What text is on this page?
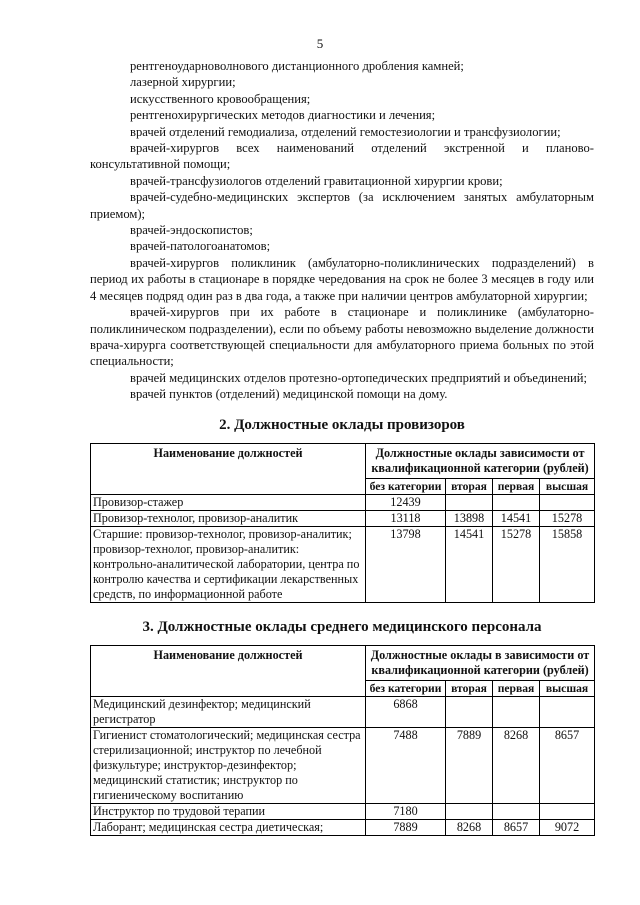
5

рентгеноударноволнового дистанционного дробления камней;

лазерной хирургии;

искусственного кровообращения;

рентгенохирургических методов диагностики и лечения;

врачей отделений гемодиализа, отделений гемостезиологии и трансфузиологии;

врачей-хирургов всех наименований отделений экстренной и планово-консультативной помощи;

врачей-трансфузиологов отделений гравитационной хирургии крови;

врачей-судебно-медицинских экспертов (за исключением занятых амбулаторным приемом);

врачей-эндоскопистов;

врачей-патологоанатомов;

врачей-хирургов поликлиник (амбулаторно-поликлинических подразделений) в период их работы в стационаре в порядке чередования на срок не более 3 месяцев в году или 4 месяцев подряд один раз в два года, а также при наличии центров амбулаторной хирургии;

врачей-хирургов при их работе в стационаре и поликлинике (амбулаторно-поликлиническом подразделении), если по объему работы невозможно выделение должности врача-хирурга соответствующей специальности для амбулаторного приема больных по этой специальности;

врачей медицинских отделов протезно-ортопедических предприятий и объединений;

врачей пунктов (отделений) медицинской помощи на дому.

2. Должностные оклады провизоров
Наименование должностей	Должностные оклады зависимости от квалификационной категории (рублей)			
	без категории	вторая	первая	высшая
Провизор-стажер	12439			
Провизор-технолог, провизор-аналитик	13118	13898	14541	15278
Старшие: провизор-технолог, провизор-аналитик; провизор-технолог, провизор-аналитик: контрольно-аналитической лаборатории, центра по контролю качества и сертификации лекарственных средств, по информационной работе	13798	14541	15278	15858
3. Должностные оклады среднего медицинского персонала
Наименование должностей	Должностные оклады в зависимости от квалификационной категории (рублей)			
	без категории	вторая	первая	высшая
Медицинский дезинфектор; медицинский регистратор	6868			
Гигиенист стоматологический; медицинская сестра стерилизационной; инструктор по лечебной физкультуре; инструктор-дезинфектор; медицинский статистик; инструктор по гигиеническому воспитанию	7488	7889	8268	8657
Инструктор по трудовой терапии	7180			
Лаборант; медицинская сестра диетическая;	7889	8268	8657	9072
